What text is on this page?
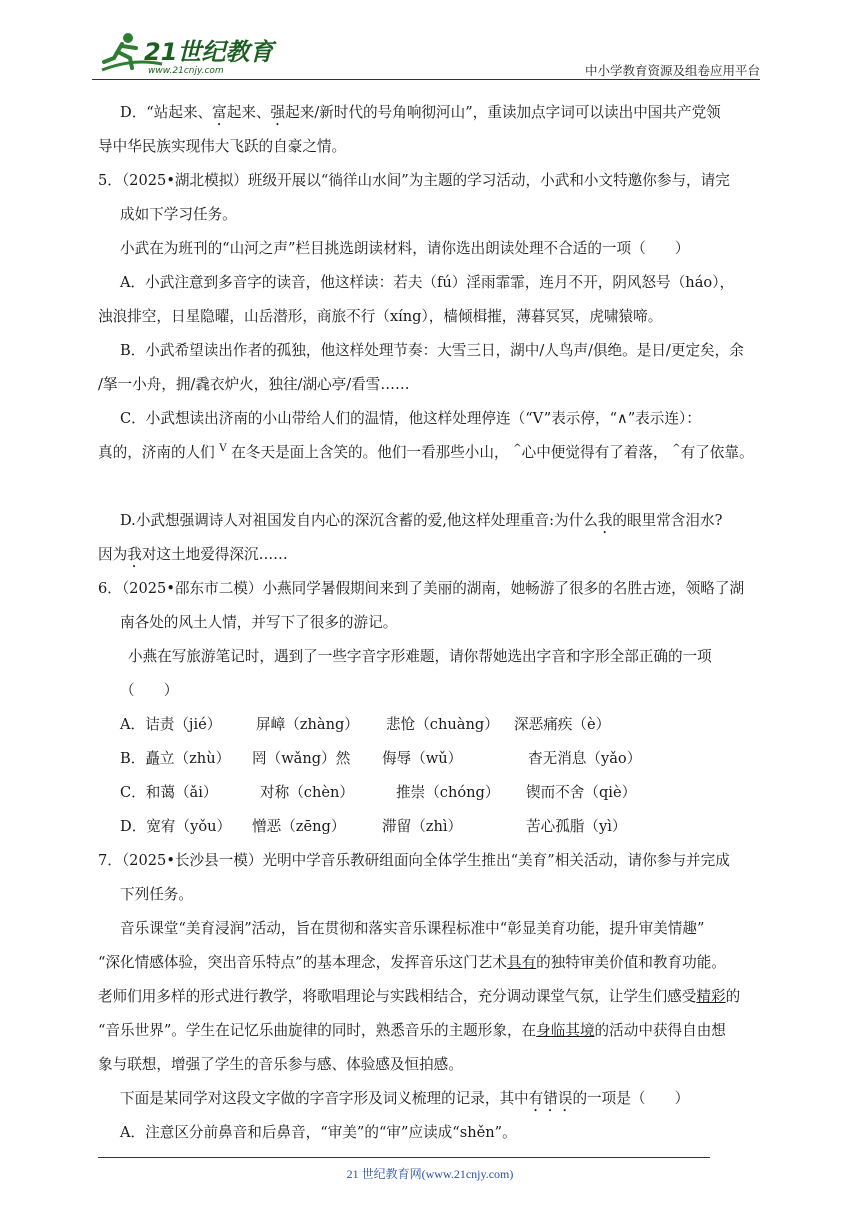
21世纪教育
www.21cnjy.com	中小学教育资源及组卷应用平台

D．“站起来、富起来、强起来/新时代的号角响彻河山”，重读加点字词可以读出中国共产党领

导中华民族实现伟大飞跃的自豪之情。

5．（2025•湖北模拟）班级开展以“徜徉山水间”为主题的学习活动，小武和小文特邀你参与，请完

成如下学习任务。

小武在为班刊的“山河之声”栏目挑选朗读材料，请你选出朗读处理不合适的一项（　　）

A．小武注意到多音字的读音，他这样读：若夫（fú）淫雨霏霏，连月不开，阴风怒号（háo），

浊浪排空，日星隐曜，山岳潜形，商旅不行（xíng），樯倾楫摧，薄暮冥冥，虎啸猿啼。

B．小武希望读出作者的孤独，他这样处理节奏：大雪三日，湖中/人鸟声/俱绝。是日/更定矣，余

/拏一小舟，拥/毳衣炉火，独往/湖心亭/看雪……

C．小武想读出济南的小山带给人们的温情，他这样处理停连（“V”表示停，“∧”表示连）：

真的，济南的人们 $^V$ 在冬天是面上含笑的。他们一看那些小山， ^心中便觉得有了着落， ^有了依靠。

D.小武想强调诗人对祖国发自内心的深沉含蓄的爱,他这样处理重音:为什么我的眼里常含泪水?

因为我对这土地爱得深沉……

6．（2025•邵东市二模）小燕同学暑假期间来到了美丽的湖南，她畅游了很多的名胜古迹，领略了湖

南各处的风土人情，并写下了很多的游记。

小燕在写旅游笔记时，遇到了一些字音字形难题，请你帮她选出字音和字形全部正确的一项

（　　）

A．诘责（jié）	屏嶂（zhàng）	悲怆（chuàng）	深恶痛疾（è）
B．矗立（zhù）	罔（wǎng）然	侮辱（wǔ）	杳无消息（yǎo）
C．和蔼（ǎi）	对称（chèn）	推崇（chóng）	锲而不舍（qiè）
D．宽宥（yǒu）	憎恶（zēng）	滞留（zhì）	苦心孤脂（yì）

7．（2025•长沙县一模）光明中学音乐教研组面向全体学生推出“美育”相关活动，请你参与并完成

下列任务。

音乐课堂“美育浸润”活动，旨在贯彻和落实音乐课程标准中“彰显美育功能，提升审美情趣”

“深化情感体验，突出音乐特点”的基本理念，发挥音乐这门艺术具有的独特审美价值和教育功能。

老师们用多样的形式进行教学，将歌唱理论与实践相结合，充分调动课堂气氛，让学生们感受精彩的

“音乐世界”。学生在记忆乐曲旋律的同时，熟悉音乐的主题形象，在身临其境的活动中获得自由想

象与联想，增强了学生的音乐参与感、体验感及恒拍感。

下面是某同学对这段文字做的字音字形及词义梳理的记录，其中有错误的一项是（　　）

A．注意区分前鼻音和后鼻音，“审美”的“审”应读成“shěn”。

21 世纪教育网(www.21cnjy.com)
